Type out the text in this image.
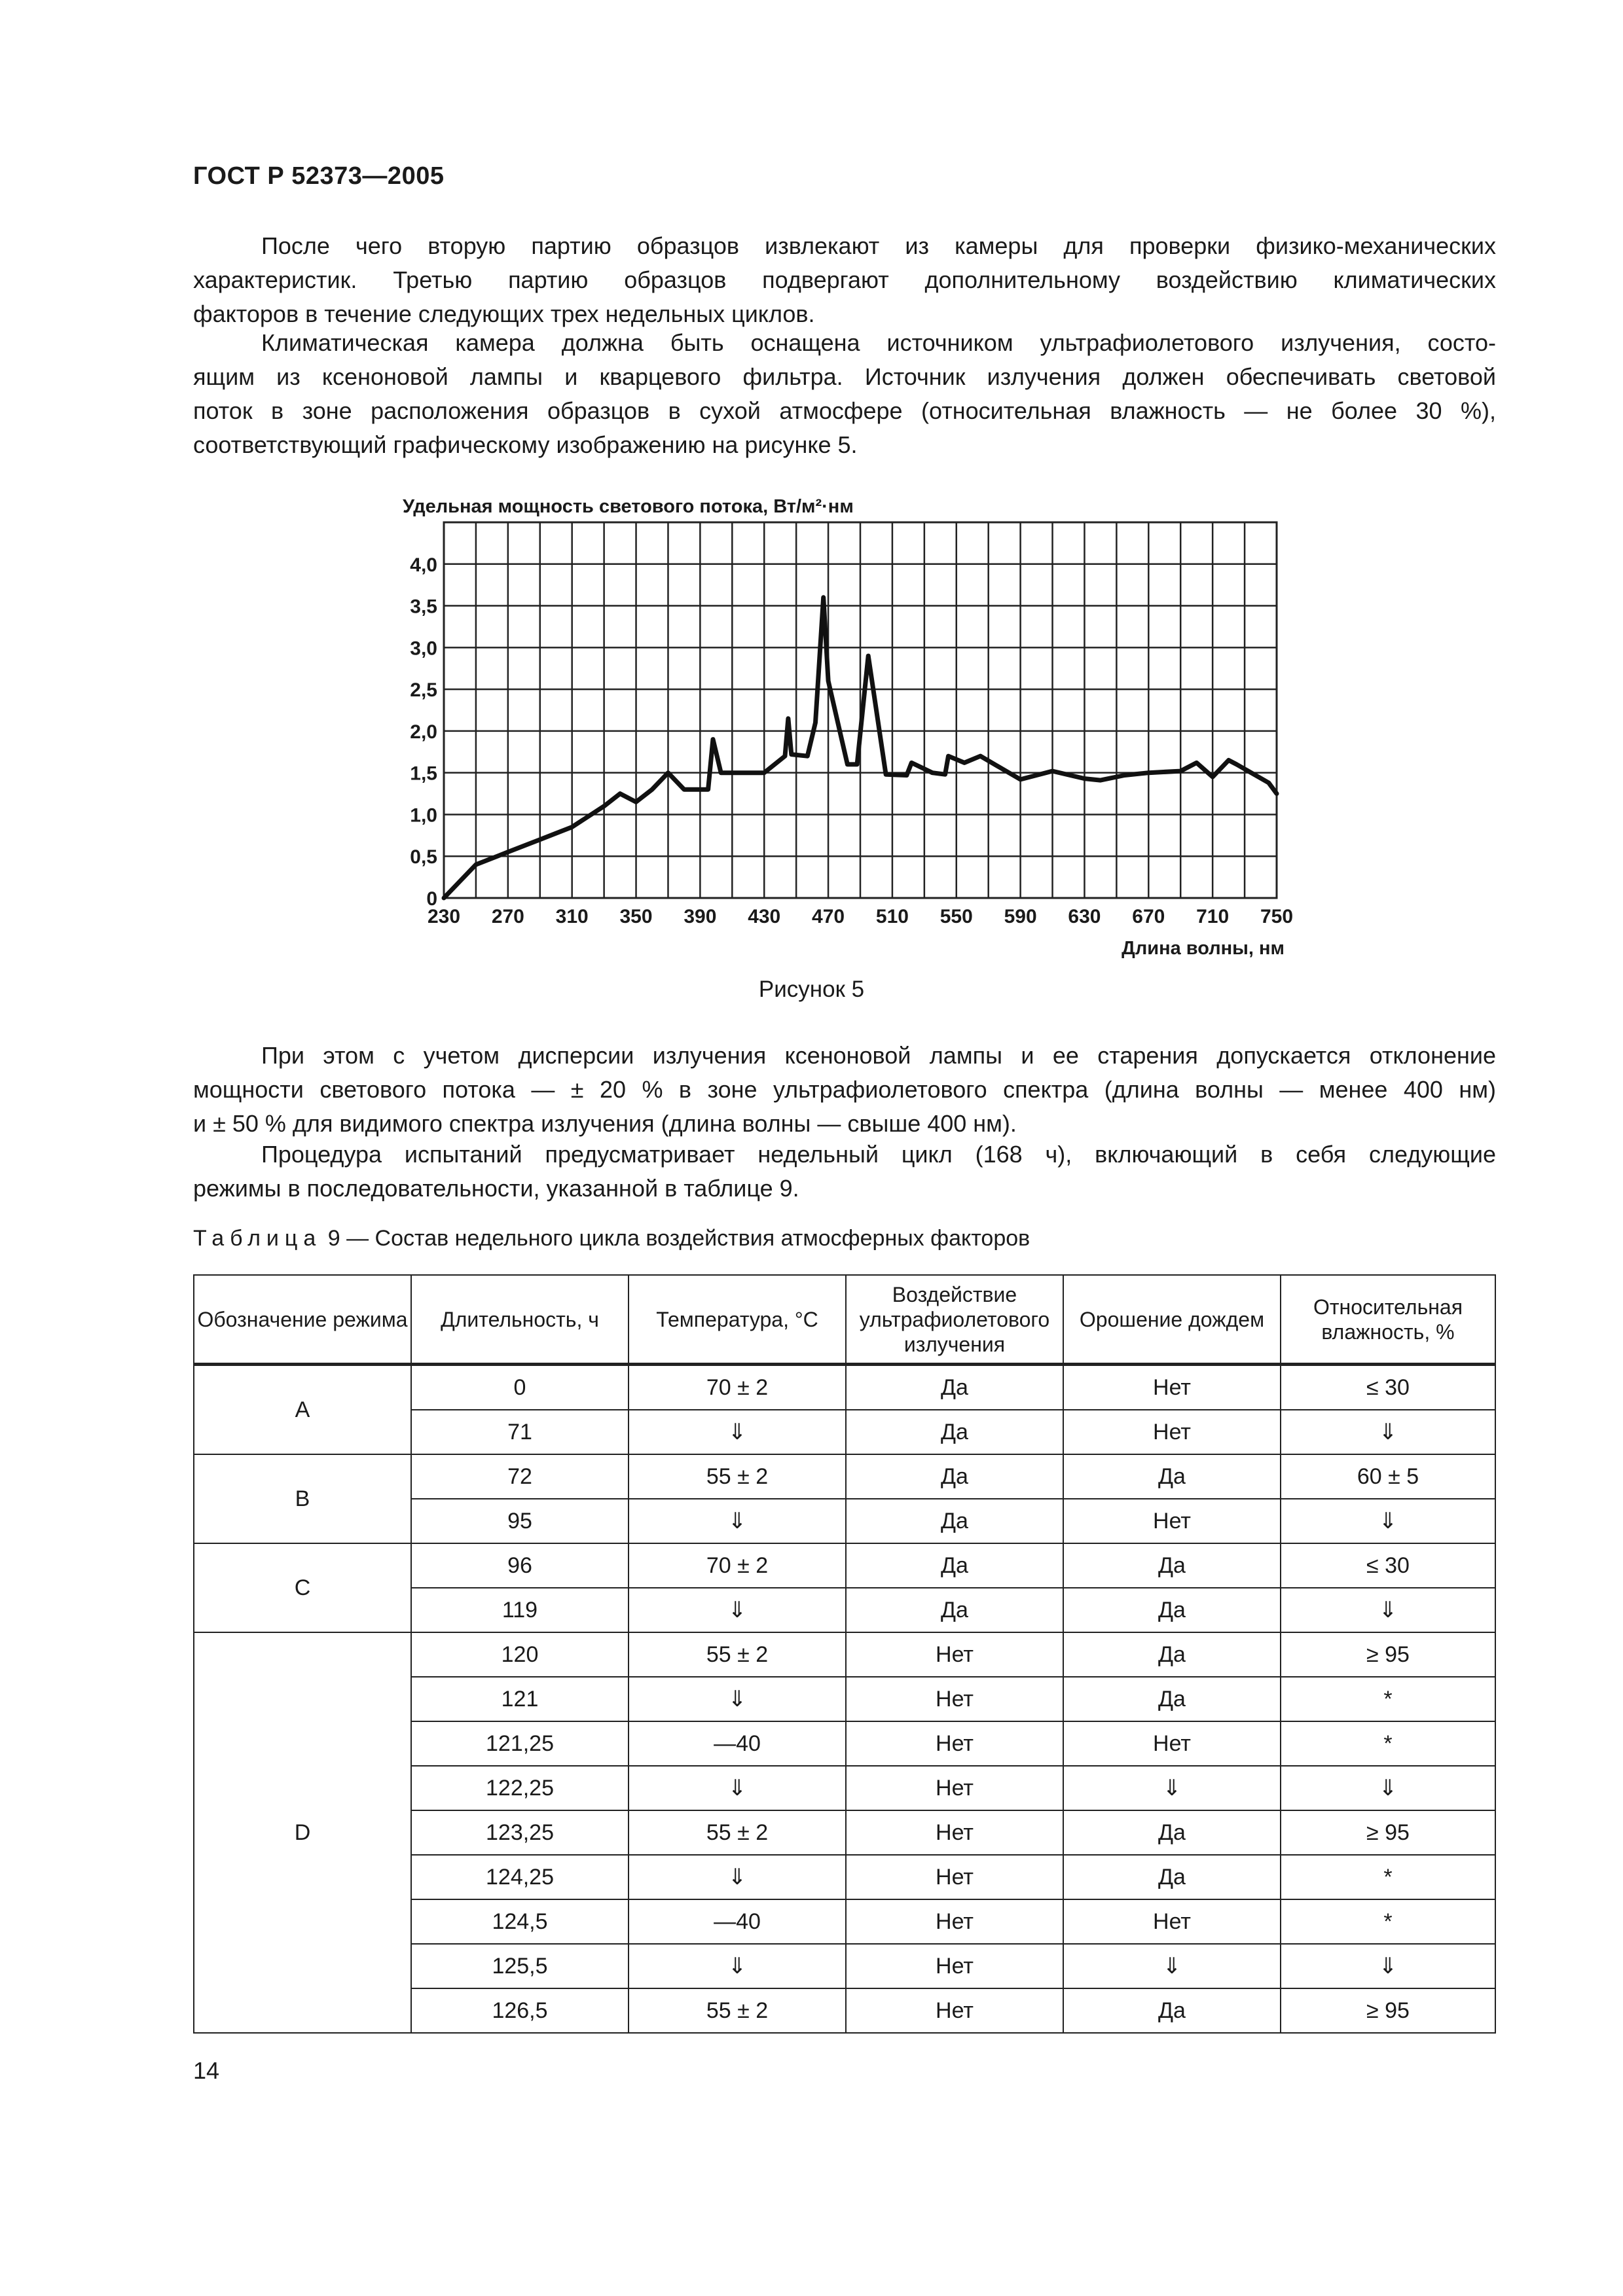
ГОСТ Р 52373—2005
После чего вторую партию образцов извлекают из камеры для проверки физико-механических
характеристик. Третью партию образцов подвергают дополнительному воздействию климатических
факторов в течение следующих трех недельных циклов.
Климатическая камера должна быть оснащена источником ультрафиолетового излучения, состо-
ящим из ксеноновой лампы и кварцевого фильтра. Источник излучения должен обеспечивать световой
поток в зоне расположения образцов в сухой атмосфере (относительная влажность — не более 30 %),
соответствующий графическому изображению на рисунке 5.
230 270 310 350 390 430 470 510 550 590 630 670 710 750
0
0,5
1,0
1,5
2,0
2,5
3,0
3,5
4,0
Удельная мощность светового потока, Вт/м²·нм
Длина волны, нм
Рисунок 5
При этом с учетом дисперсии излучения ксеноновой лампы и ее старения допускается отклонение
мощности светового потока — ± 20 % в зоне ультрафиолетового спектра (длина волны — менее 400 нм)
и ± 50 % для видимого спектра излучения (длина волны — свыше 400 нм).
Процедура испытаний предусматривает недельный цикл (168 ч), включающий в себя следующие
режимы в последовательности, указанной в таблице 9.
Таблица 9 — Состав недельного цикла воздействия атмосферных факторов
Обозначение режима	Длительность, ч	Температура, °С	Воздействие ультрафиолетового излучения	Орошение дождем	Относительная влажность, %
A	0	70 ± 2	Да	Нет	≤ 30
	71	⇓	Да	Нет	⇓
B	72	55 ± 2	Да	Да	60 ± 5
	95	⇓	Да	Нет	⇓
C	96	70 ± 2	Да	Да	≤ 30
	119	⇓	Да	Да	⇓
D	120	55 ± 2	Нет	Да	≥ 95
	121	⇓	Нет	Да	*
	121,25	—40	Нет	Нет	*
	122,25	⇓	Нет	⇓	⇓
	123,25	55 ± 2	Нет	Да	≥ 95
	124,25	⇓	Нет	Да	*
	124,5	—40	Нет	Нет	*
	125,5	⇓	Нет	⇓	⇓
	126,5	55 ± 2	Нет	Да	≥ 95
14
